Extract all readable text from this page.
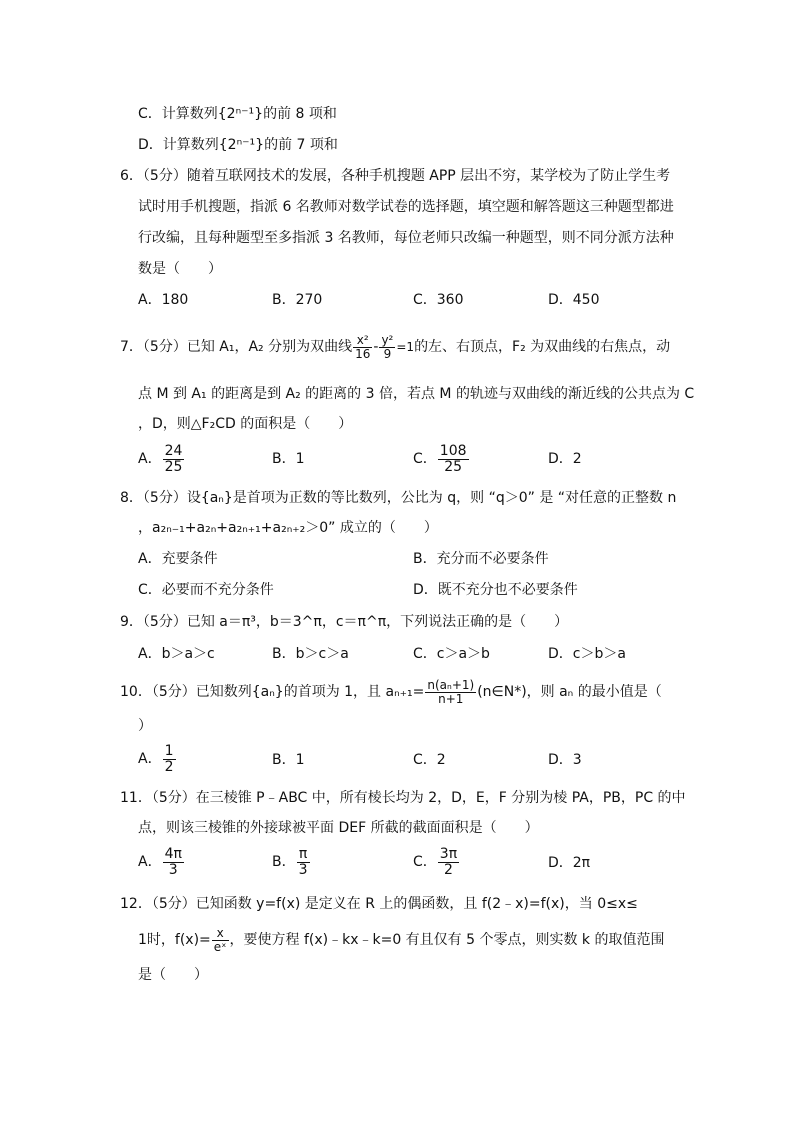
C．计算数列{2ⁿ⁻¹}的前 8 项和
D．计算数列{2ⁿ⁻¹}的前 7 项和
6．（5分）随着互联网技术的发展，各种手机搜题 APP 层出不穷，某学校为了防止学生考
试时用手机搜题，指派 6 名教师对数学试卷的选择题，填空题和解答题这三种题型都进
行改编，且每种题型至多指派 3 名教师，每位老师只改编一种题型，则不同分派方法种
数是（　　）
A．180	B．270	C．360	D．450
7．（5分）已知 A₁，A₂ 分别为双曲线 $\frac{\text{x²}}{16} - \frac{\text{y²}}{9} =1$的左、右顶点，F₂ 为双曲线的右焦点，动
点 M 到 A₁ 的距离是到 A₂ 的距离的 3 倍，若点 M 的轨迹与双曲线的渐近线的公共点为 C
，D，则△F₂CD 的面积是（　　）
A． $\frac{24}{25}$	B．1	C． $\frac{108}{25}$	D．2
8．（5分）设{aₙ}是首项为正数的等比数列，公比为 q，则 “q＞0” 是 “对任意的正整数 n
，a₂ₙ₋₁+a₂ₙ+a₂ₙ₊₁+a₂ₙ₊₂＞0” 成立的（　　）
A．充要条件	B．充分而不必要条件
C．必要而不充分条件	D．既不充分也不必要条件
9．（5分）已知 a＝π³，b＝3^π，c＝π^π，下列说法正确的是（　　）
A．b＞a＞c	B．b＞c＞a	C．c＞a＞b	D．c＞b＞a
10．（5分）已知数列{aₙ}的首项为 1，且 $a_{n+1}= \frac{\text{n(aₙ+1)}}{n+1}$ (n∈N*)，则 aₙ 的最小值是（
）
A． $\frac{1}{2}$	B．1	C．2	D．3
11．（5分）在三棱锥 P﹣ABC 中，所有棱长均为 2，D，E，F 分别为棱 PA，PB，PC 的中
点，则该三棱锥的外接球被平面 DEF 所截的截面面积是（　　）
A． $\frac{4\pi}{3}$	B． $\frac{\pi}{3}$	C． $\frac{3\pi}{2}$	D．2π
12．（5分）已知函数 y=f(x) 是定义在 R 上的偶函数，且 f(2﹣x)=f(x)，当 0≤x≤
1时，$f(x)= \frac{x}{\text{eˣ}}$ ，要使方程 f(x)﹣kx﹣k=0 有且仅有 5 个零点，则实数 k 的取值范围
是（　　）
